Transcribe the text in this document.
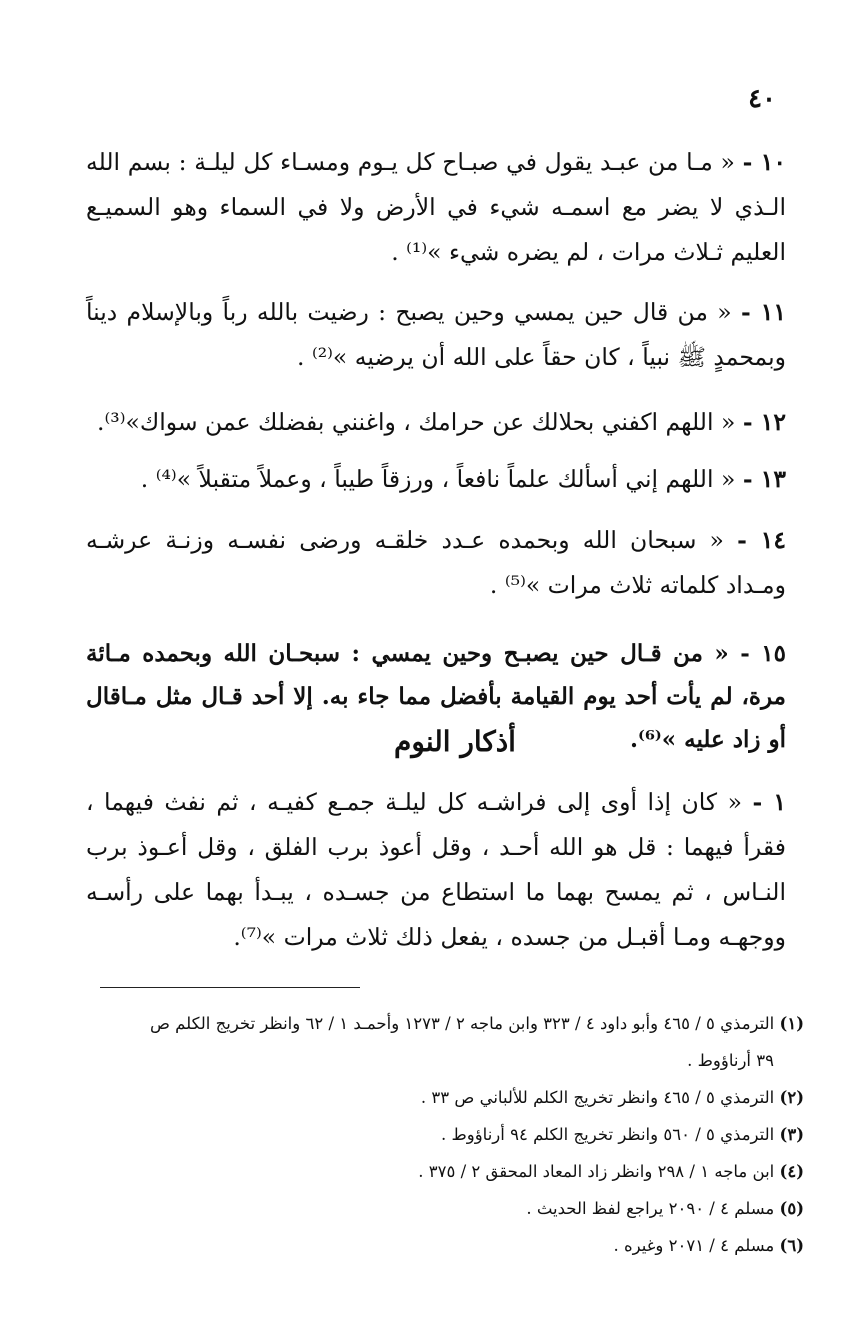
٤٠
١٠ - « مـا من عبـد يقول في صبـاح كل يـوم ومسـاء كل ليلـة : بسم الله الـذي لا يضر مع اسمـه شيء في الأرض ولا في السماء وهو السميـع العليم ثـلاث مرات ، لم يضره شيء »⁽¹⁾ .
١١ - « من قال حين يمسي وحين يصبح : رضيت بالله رباً وبالإسلام ديناً وبمحمدٍ ﷺ نبياً ، كان حقاً على الله أن يرضيه »⁽²⁾ .
١٢ - « اللهم اكفني بحلالك عن حرامك ، واغنني بفضلك عمن سواك»⁽³⁾.
١٣ - « اللهم إني أسألك علماً نافعاً ، ورزقاً طيباً ، وعملاً متقبلاً »⁽⁴⁾ .
١٤ - « سبحان الله وبحمده عـدد خلقـه ورضى نفسـه وزنـة عرشـه ومـداد كلماته ثلاث مرات »⁽⁵⁾ .
١٥ - « من قـال حين يصبـح وحين يمسي : سبحـان الله وبحمده مـائة مرة، لم يأت أحد يوم القيامة بأفضل مما جاء به. إلا أحد قـال مثل مـاقال أو زاد عليه »⁽⁶⁾.
أذكار النوم
١ - « كان إذا أوى إلى فراشـه كل ليلـة جمـع كفيـه ، ثم نفث فيهما ، فقرأ فيهما : قل هو الله أحـد ، وقل أعوذ برب الفلق ، وقل أعـوذ برب النـاس ، ثم يمسح بهما ما استطاع من جسـده ، يبـدأ بهما على رأسـه ووجهـه ومـا أقبـل من جسده ، يفعل ذلك ثلاث مرات »⁽⁷⁾.
(١) الترمذي ٥ / ٤٦٥ وأبو داود ٤ / ٣٢٣ وابن ماجه ٢ / ١٢٧٣ وأحمـد ١ / ٦٢ وانظر تخريج الكلم ص
٣٩ أرناؤوط .
(٢) الترمذي ٥ / ٤٦٥ وانظر تخريج الكلم للألباني ص ٣٣ .
(٣) الترمذي ٥ / ٥٦٠ وانظر تخريج الكلم ٩٤ أرناؤوط .
(٤) ابن ماجه ١ / ٢٩٨ وانظر زاد المعاد المحقق ٢ / ٣٧٥ .
(٥) مسلم ٤ / ٢٠٩٠ يراجع لفظ الحديث .
(٦) مسلم ٤ / ٢٠٧١ وغيره .
